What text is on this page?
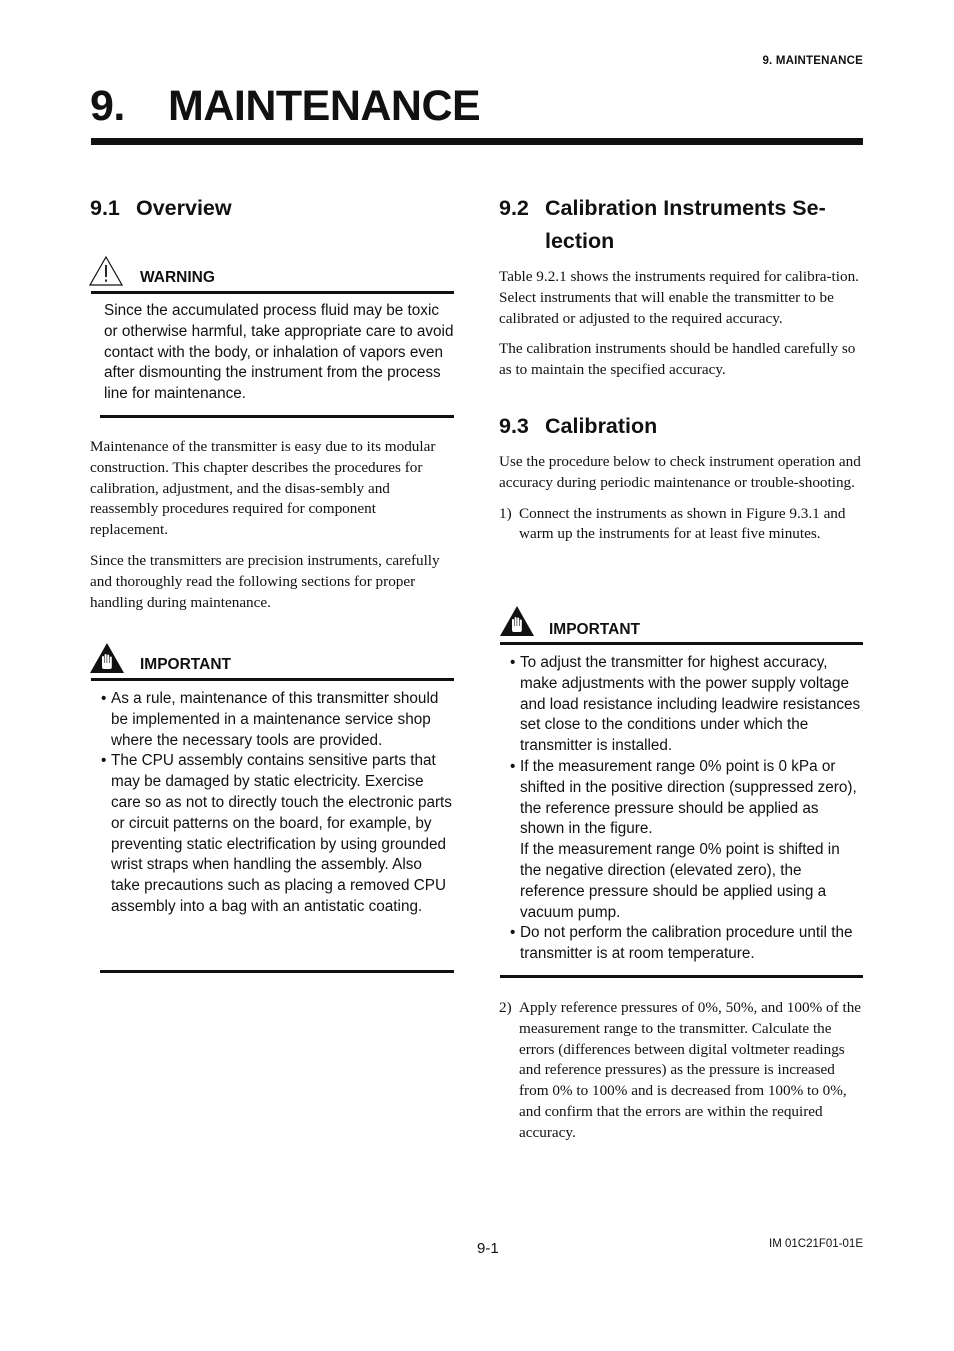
9. MAINTENANCE
9. MAINTENANCE
9.1 Overview
WARNING
Since the accumulated process fluid may be toxic or otherwise harmful, take appropriate care to avoid contact with the body, or inhalation of vapors even after dismounting the instrument from the process line for maintenance.

Maintenance of the transmitter is easy due to its modular construction. This chapter describes the procedures for calibration, adjustment, and the disas-sembly and reassembly procedures required for component replacement.

Since the transmitters are precision instruments, carefully and thoroughly read the following sections for proper handling during maintenance.

IMPORTANT
• As a rule, maintenance of this transmitter should be implemented in a maintenance service shop where the necessary tools are provided.
• The CPU assembly contains sensitive parts that may be damaged by static electricity. Exercise care so as not to directly touch the electronic parts or circuit patterns on the board, for example, by preventing static electrification by using grounded wrist straps when handling the assembly. Also take precautions such as placing a removed CPU assembly into a bag with an antistatic coating.
9.2 Calibration Instruments Se-
lection

Table 9.2.1 shows the instruments required for calibra-tion. Select instruments that will enable the transmitter to be calibrated or adjusted to the required accuracy.

The calibration instruments should be handled carefully so as to maintain the specified accuracy.

9.3 Calibration

Use the procedure below to check instrument operation and accuracy during periodic maintenance or trouble-shooting.

1) Connect the instruments as shown in Figure 9.3.1 and warm up the instruments for at least five minutes.
IMPORTANT
• To adjust the transmitter for highest accuracy, make adjustments with the power supply voltage and load resistance including leadwire resistances set close to the conditions under which the transmitter is installed.
• If the measurement range 0% point is 0 kPa or shifted in the positive direction (suppressed zero), the reference pressure should be applied as shown in the figure.
If the measurement range 0% point is shifted in the negative direction (elevated zero), the reference pressure should be applied using a vacuum pump.
• Do not perform the calibration procedure until the transmitter is at room temperature.
2) Apply reference pressures of 0%, 50%, and 100% of the measurement range to the transmitter. Calculate the errors (differences between digital voltmeter readings and reference pressures) as the pressure is increased from 0% to 100% and is decreased from 100% to 0%, and confirm that the errors are within the required accuracy.
9-1	IM 01C21F01-01E
